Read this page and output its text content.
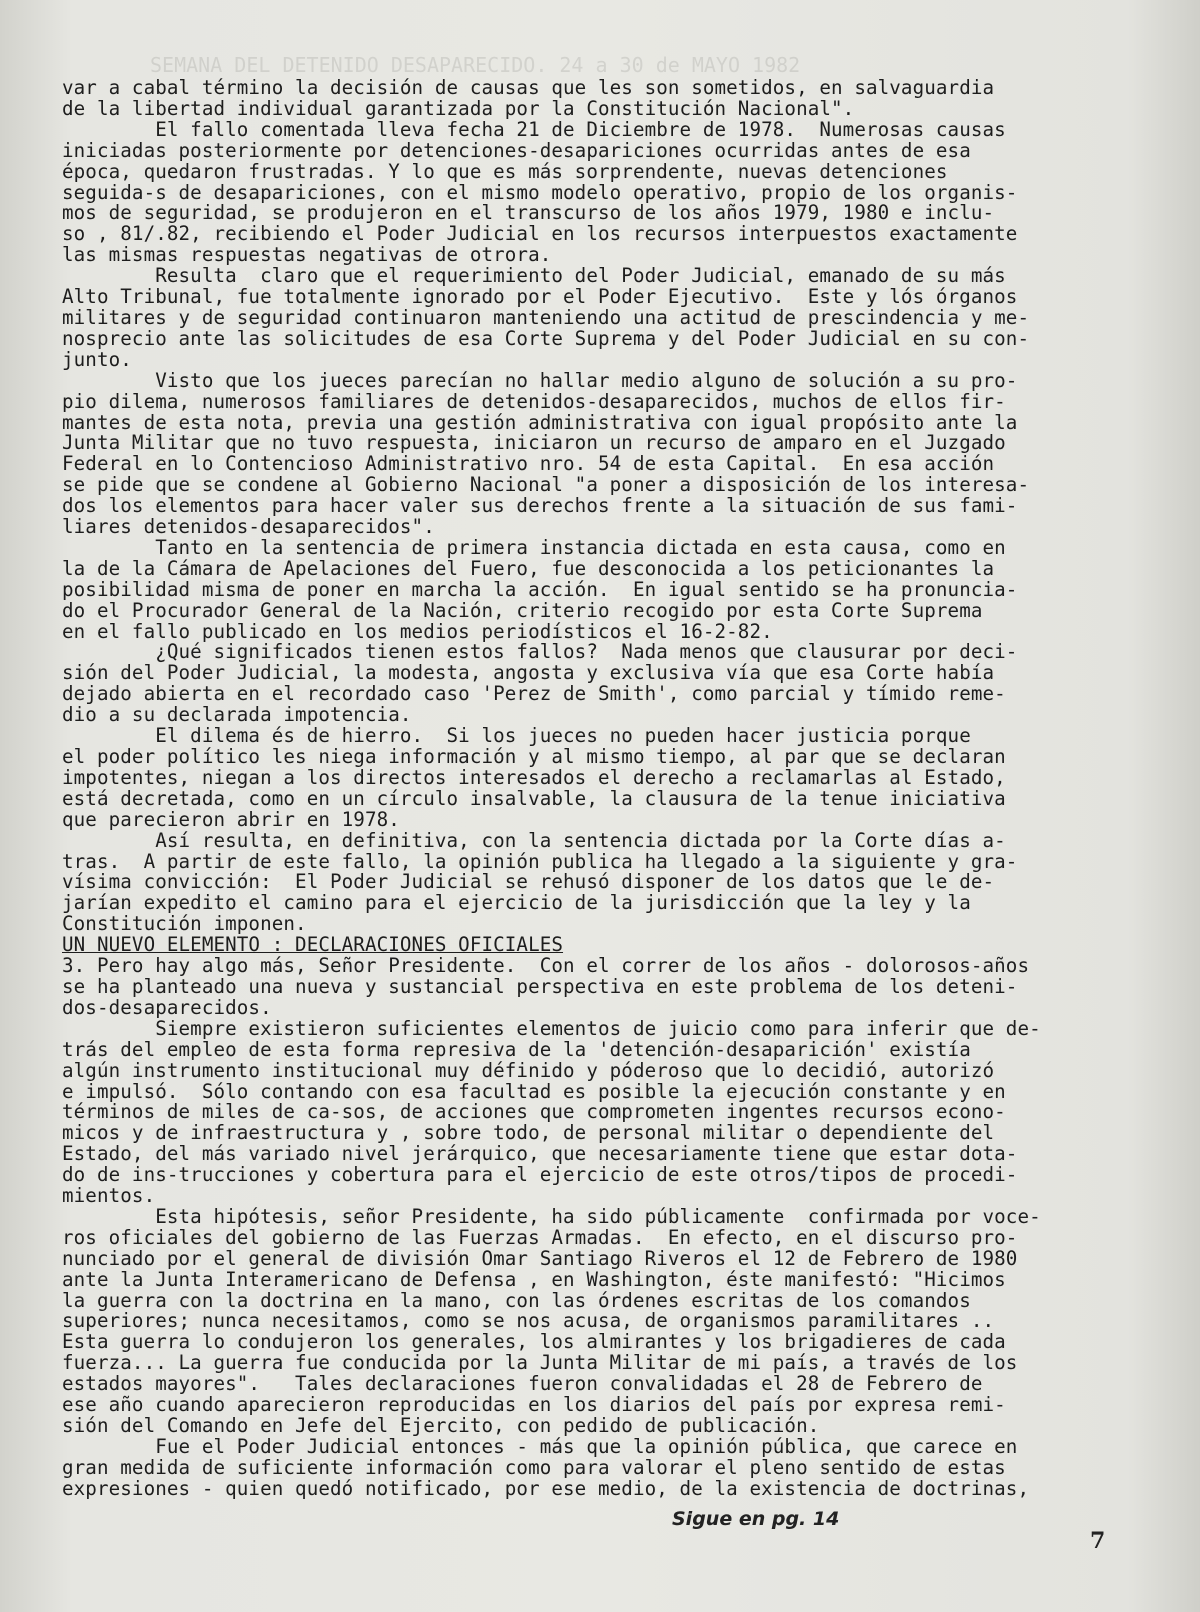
SEMANA DEL DETENIDO DESAPARECIDO. 24 a 30 de MAYO 1982
var a cabal término la decisión de causas que les son sometidos, en salvaguardia
de la libertad individual garantizada por la Constitución Nacional".
El fallo comentada lleva fecha 21 de Diciembre de 1978.  Numerosas causas
iniciadas posteriormente por detenciones-desapariciones ocurridas antes de esa
época, quedaron frustradas. Y lo que es más sorprendente, nuevas detenciones
seguida-s de desapariciones, con el mismo modelo operativo, propio de los organis-
mos de seguridad, se produjeron en el transcurso de los años 1979, 1980 e inclu-
so , 81/.82, recibiendo el Poder Judicial en los recursos interpuestos exactamente
las mismas respuestas negativas de otrora.
Resulta  claro que el requerimiento del Poder Judicial, emanado de su más
Alto Tribunal, fue totalmente ignorado por el Poder Ejecutivo.  Este y lós órganos
militares y de seguridad continuaron manteniendo una actitud de prescindencia y me-
nosprecio ante las solicitudes de esa Corte Suprema y del Poder Judicial en su con-
junto.
Visto que los jueces parecían no hallar medio alguno de solución a su pro-
pio dilema, numerosos familiares de detenidos-desaparecidos, muchos de ellos fir-
mantes de esta nota, previa una gestión administrativa con igual propósito ante la
Junta Militar que no tuvo respuesta, iniciaron un recurso de amparo en el Juzgado
Federal en lo Contencioso Administrativo nro. 54 de esta Capital.  En esa acción
se pide que se condene al Gobierno Nacional "a poner a disposición de los interesa-
dos los elementos para hacer valer sus derechos frente a la situación de sus fami-
liares detenidos-desaparecidos".
Tanto en la sentencia de primera instancia dictada en esta causa, como en
la de la Cámara de Apelaciones del Fuero, fue desconocida a los peticionantes la
posibilidad misma de poner en marcha la acción.  En igual sentido se ha pronuncia-
do el Procurador General de la Nación, criterio recogido por esta Corte Suprema
en el fallo publicado en los medios periodísticos el 16-2-82.
¿Qué significados tienen estos fallos?  Nada menos que clausurar por deci-
sión del Poder Judicial, la modesta, angosta y exclusiva vía que esa Corte había
dejado abierta en el recordado caso 'Perez de Smith', como parcial y tímido reme-
dio a su declarada impotencia.
El dilema és de hierro.  Si los jueces no pueden hacer justicia porque
el poder político les niega información y al mismo tiempo, al par que se declaran
impotentes, niegan a los directos interesados el derecho a reclamarlas al Estado,
está decretada, como en un círculo insalvable, la clausura de la tenue iniciativa
que parecieron abrir en 1978.
Así resulta, en definitiva, con la sentencia dictada por la Corte días a-
tras.  A partir de este fallo, la opinión publica ha llegado a la siguiente y gra-
vísima convicción:  El Poder Judicial se rehusó disponer de los datos que le de-
jarían expedito el camino para el ejercicio de la jurisdicción que la ley y la
Constitución imponen.
UN NUEVO ELEMENTO : DECLARACIONES OFICIALES
3. Pero hay algo más, Señor Presidente.  Con el correr de los años - dolorosos-años
se ha planteado una nueva y sustancial perspectiva en este problema de los deteni-
dos-desaparecidos.
Siempre existieron suficientes elementos de juicio como para inferir que de-
trás del empleo de esta forma represiva de la 'detención-desaparición' existía
algún instrumento institucional muy définido y póderoso que lo decidió, autorizó
e impulsó.  Sólo contando con esa facultad es posible la ejecución constante y en
términos de miles de ca-sos, de acciones que comprometen ingentes recursos econo-
micos y de infraestructura y , sobre todo, de personal militar o dependiente del
Estado, del más variado nivel jerárquico, que necesariamente tiene que estar dota-
do de ins-trucciones y cobertura para el ejercicio de este otros/tipos de procedi-
mientos.
Esta hipótesis, señor Presidente, ha sido públicamente  confirmada por voce-
ros oficiales del gobierno de las Fuerzas Armadas.  En efecto, en el discurso pro-
nunciado por el general de división Omar Santiago Riveros el 12 de Febrero de 1980
ante la Junta Interamericano de Defensa , en Washington, éste manifestó: "Hicimos
la guerra con la doctrina en la mano, con las órdenes escritas de los comandos
superiores; nunca necesitamos, como se nos acusa, de organismos paramilitares ..
Esta guerra lo condujeron los generales, los almirantes y los brigadieres de cada
fuerza... La guerra fue conducida por la Junta Militar de mi país, a través de los
estados mayores".   Tales declaraciones fueron convalidadas el 28 de Febrero de
ese año cuando aparecieron reproducidas en los diarios del país por expresa remi-
sión del Comando en Jefe del Ejercito, con pedido de publicación.
Fue el Poder Judicial entonces - más que la opinión pública, que carece en
gran medida de suficiente información como para valorar el pleno sentido de estas
expresiones - quien quedó notificado, por ese medio, de la existencia de doctrinas,
Sigue en pg. 14
7
